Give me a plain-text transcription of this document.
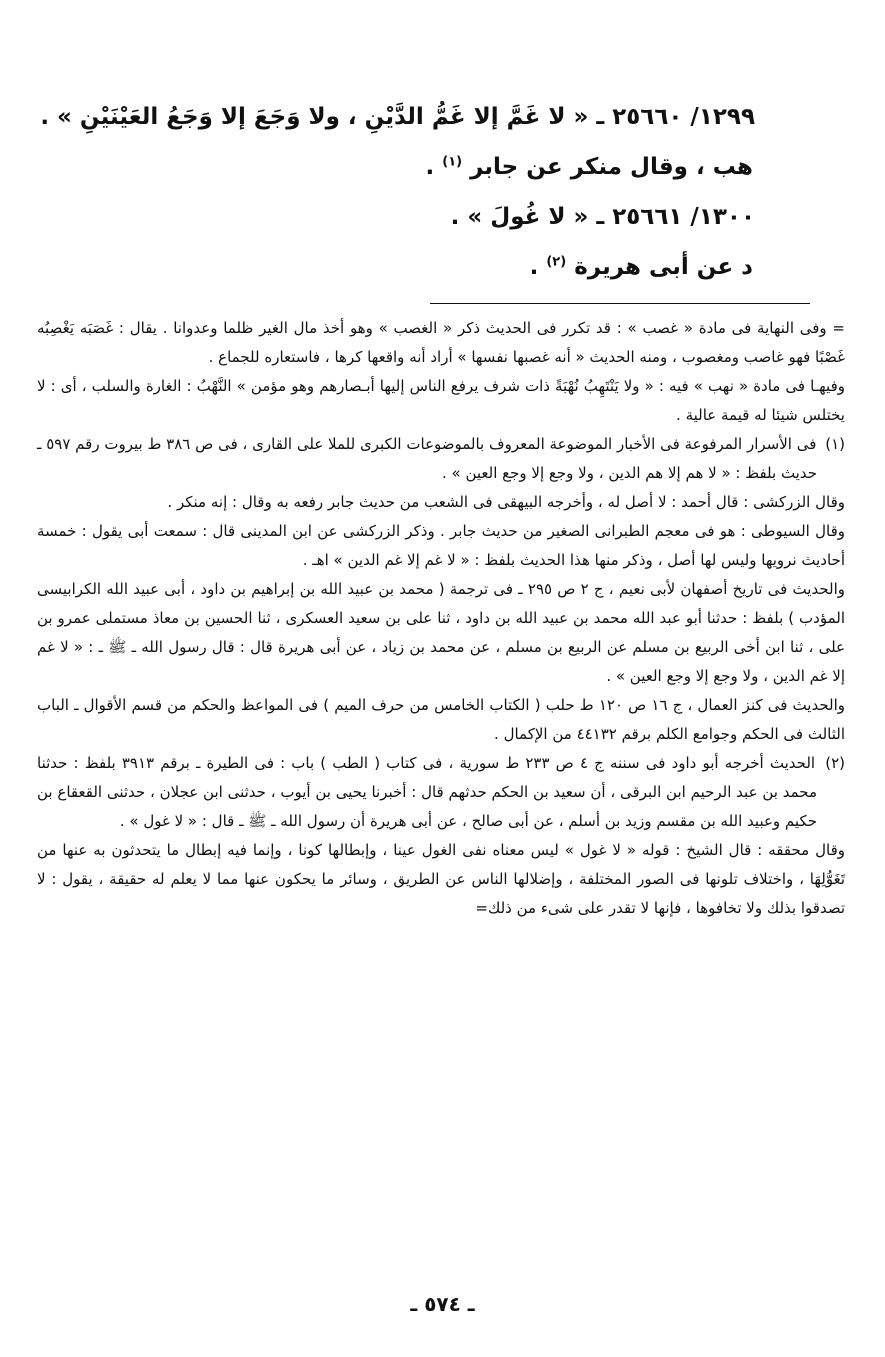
١٢٩٩/ ٢٥٦٦٠ ـ « لا غَمَّ إلا غَمُّ الدَّيْنِ ، ولا وَجَعَ إلا وَجَعُ العَيْنَيْنِ » .

هب ، وقال منكر عن جابر $^{(١)}$ .

١٣٠٠/ ٢٥٦٦١ ـ « لا غُولَ » .

د عن أبى هريرة $^{(٢)}$ .

= وفى النهاية فى مادة « غصب » : قد تكرر فى الحديث ذكر « الغصب » وهو أخذ مال الغير ظلما وعدوانا . يقال : غَصَبَه يَغْصِبُه غَصْبًا فهو غاصب ومغصوب ، ومنه الحديث « أنه غصبها نفسها » أراد أنه واقعها كرها ، فاستعاره للجماع .

وفيهـا فى مادة « نهب » فيه : « ولا يَنْتَهِبُ نُهْبَةً ذات شرف يرفع الناس إليها أبـصارهم وهو مؤمن » النَّهْبُ : الغارة والسلب ، أى : لا يختلس شيئا له قيمة عالية .

(١) فى الأسرار المرفوعة فى الأخبار الموضوعة المعروف بالموضوعات الكبرى للملا على القارى ، فى ص ٣٨٦ ط بيروت رقم ٥٩٧ ـ حديث بلفظ : « لا هم إلا هم الدين ، ولا وجع إلا وجع العين » .

وقال الزركشى : قال أحمد : لا أصل له ، وأخرجه البيهقى فى الشعب من حديث جابر رفعه به وقال : إنه منكر .

وقال السيوطى : هو فى معجم الطبرانى الصغير من حديث جابر . وذكر الزركشى عن ابن المدينى قال : سمعت أبى يقول : خمسة أحاديث نرويها وليس لها أصل ، وذكر منها هذا الحديث بلفظ : « لا غم إلا غم الدين » اهـ .

والحديث فى تاريخ أصفهان لأبى نعيم ، ج ٢ ص ٢٩٥ ـ فى ترجمة ( محمد بن عبيد الله بن إبراهيم بن داود ، أبى عبيد الله الكرابيسى المؤدب ) بلفظ : حدثنا أبو عبد الله محمد بن عبيد الله بن داود ، ثنا على بن سعيد العسكرى ، ثنا الحسين بن معاذ مستملى عمرو بن على ، ثنا ابن أخى الربيع بن مسلم عن الربيع بن مسلم ، عن محمد بن زياد ، عن أبى هريرة قال : قال رسول الله ـ ﷺ ـ : « لا غم إلا غم الدين ، ولا وجع إلا وجع العين » .

والحديث فى كنز العمال ، ج ١٦ ص ١٢٠ ط حلب ( الكتاب الخامس من حرف الميم ) فى المواعظ والحكم من قسم الأقوال ـ الباب الثالث فى الحكم وجوامع الكلم برقم ٤٤١٣٢ من الإكمال .

(٢) الحديث أخرجه أبو داود فى سننه ج ٤ ص ٢٣٣ ط سورية ، فى كتاب ( الطب ) باب : فى الطيرة ـ برقم ٣٩١٣ بلفظ : حدثنا محمد بن عبد الرحيم ابن البرقى ، أن سعيد بن الحكم حدثهم قال : أخبرنا يحيى بن أيوب ، حدثنى ابن عجلان ، حدثنى القعقاع بن حكيم وعبيد الله بن مقسم وزيد بن أسلم ، عن أبى صالح ، عن أبى هريرة أن رسول الله ـ ﷺ ـ قال : « لا غول » .

وقال محققه : قال الشيخ : قوله « لا غول » ليس معناه نفى الغول عينا ، وإبطالها كونا ، وإنما فيه إبطال ما يتحدثون به عنها من تَغَوُّلِهَا ، واختلاف تلونها فى الصور المختلفة ، وإضلالها الناس عن الطريق ، وسائر ما يحكون عنها مما لا يعلم له حقيقة ، يقول : لا تصدقوا بذلك ولا تخافوها ، فإنها لا تقدر على شىء من ذلك=

ـ ٥٧٤ ـ
